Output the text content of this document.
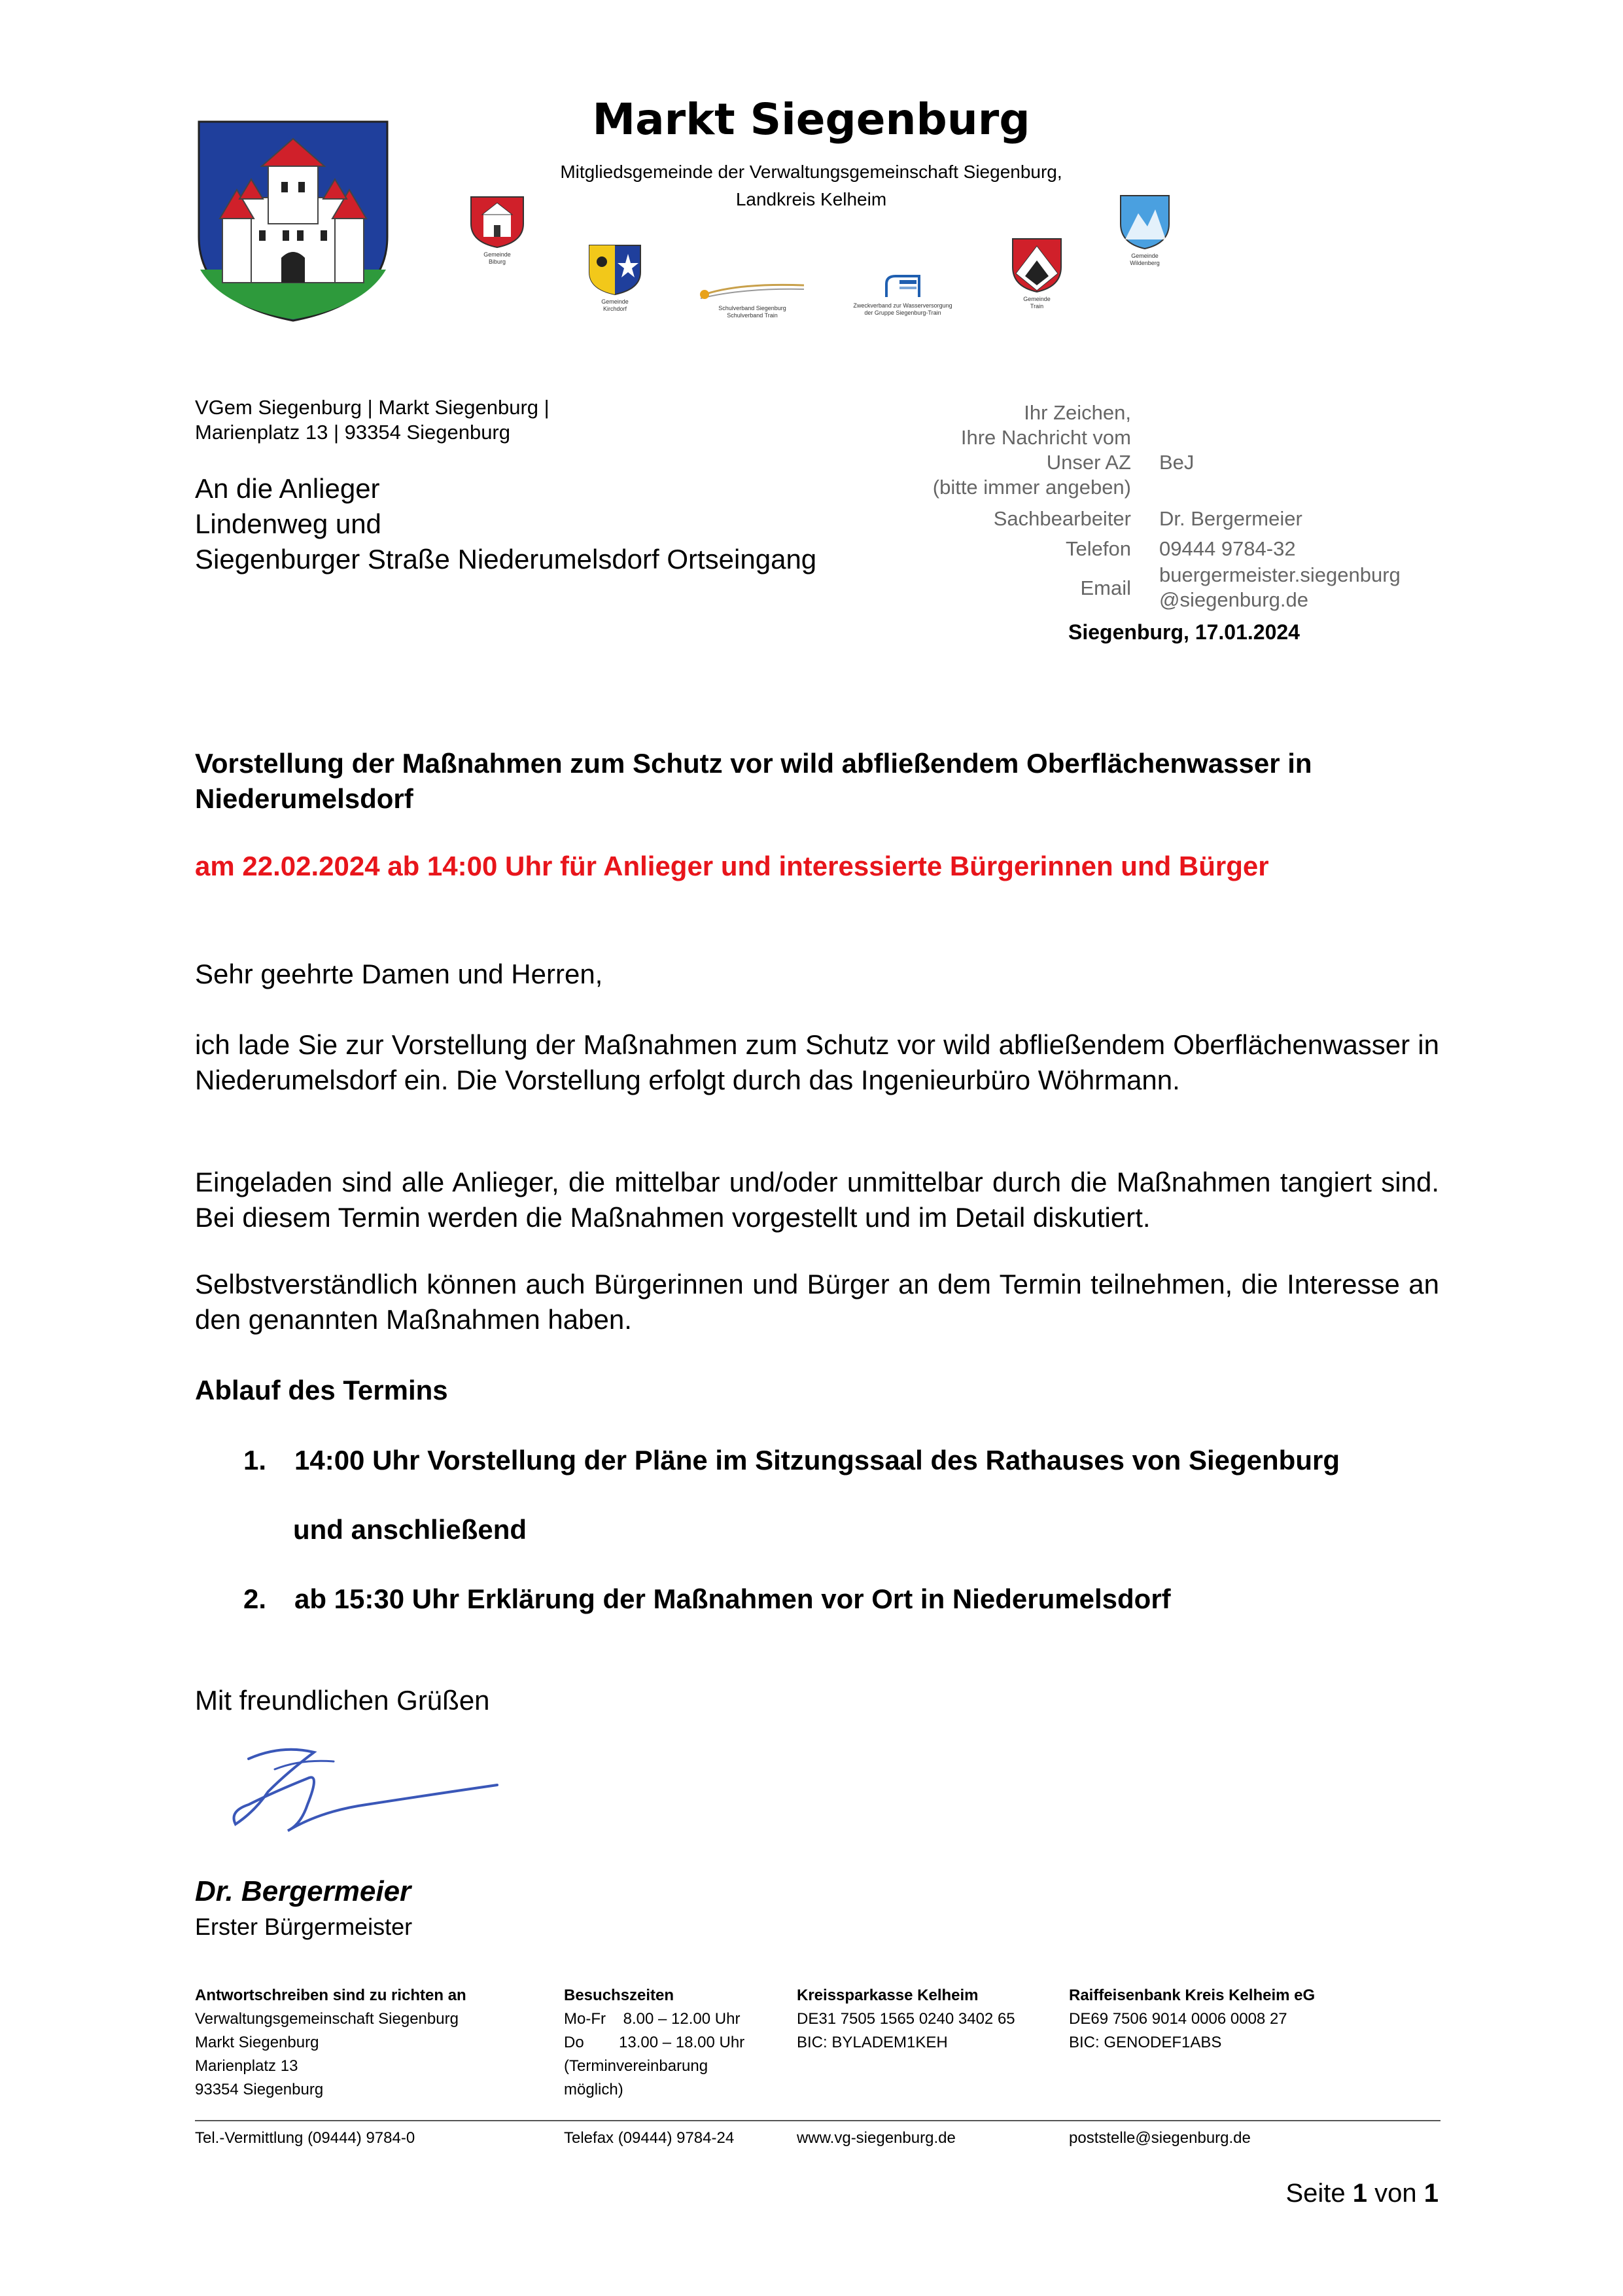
Markt Siegenburg
Mitgliedsgemeinde der Verwaltungsgemeinschaft Siegenburg,
Landkreis Kelheim
Gemeinde
Biburg
Gemeinde
Kirchdorf	Schulverband Siegenburg
Schulverband Train
Zweckverband zur Wasserversorgung
der Gruppe Siegenburg-Train
Gemeinde
Train
Gemeinde
Wildenberg
VGem Siegenburg | Markt Siegenburg |
Marienplatz 13 | 93354 Siegenburg
An die Anlieger
Lindenweg und
Siegenburger Straße Niederumelsdorf Ortseingang
Ihr Zeichen,
Ihre Nachricht vom
Unser AZ BeJ
(bitte immer angeben)
Sachbearbeiter Dr. Bergermeier
Telefon 09444 9784-32
Email
buergermeister.siegenburg
@siegenburg.de
Siegenburg, 17.01.2024
Vorstellung der Maßnahmen zum Schutz vor wild abfließendem Oberflächenwasser in Niederumelsdorf
am 22.02.2024 ab 14:00 Uhr für Anlieger und interessierte Bürgerinnen und Bürger
Sehr geehrte Damen und Herren,
ich lade Sie zur Vorstellung der Maßnahmen zum Schutz vor wild abfließendem Oberflächenwasser in Niederumelsdorf ein. Die Vorstellung erfolgt durch das Ingenieurbüro Wöhrmann.
Eingeladen sind alle Anlieger, die mittelbar und/oder unmittelbar durch die Maßnahmen tangiert sind. Bei diesem Termin werden die Maßnahmen vorgestellt und im Detail diskutiert.
Selbstverständlich können auch Bürgerinnen und Bürger an dem Termin teilnehmen, die Interesse an den genannten Maßnahmen haben.
Ablauf des Termins
1. 14:00 Uhr Vorstellung der Pläne im Sitzungssaal des Rathauses von Siegenburg
und anschließend
2. ab 15:30 Uhr Erklärung der Maßnahmen vor Ort in Niederumelsdorf
Mit freundlichen Grüßen
Dr. Bergermeier
Erster Bürgermeister
Antwortschreiben sind zu richten an
Verwaltungsgemeinschaft Siegenburg
Markt Siegenburg
Marienplatz 13
93354 Siegenburg
Besuchszeiten
Mo-Fr    8.00 – 12.00 Uhr
Do        13.00 – 18.00 Uhr
(Terminvereinbarung
möglich)
Kreissparkasse Kelheim
DE31 7505 1565 0240 3402 65
BIC: BYLADEM1KEH
Raiffeisenbank Kreis Kelheim eG
DE69 7506 9014 0006 0008 27
BIC: GENODEF1ABS
Tel.-Vermittlung (09444) 9784-0	Telefax (09444) 9784-24	www.vg-siegenburg.de	poststelle@siegenburg.de
Seite 1 von 1
